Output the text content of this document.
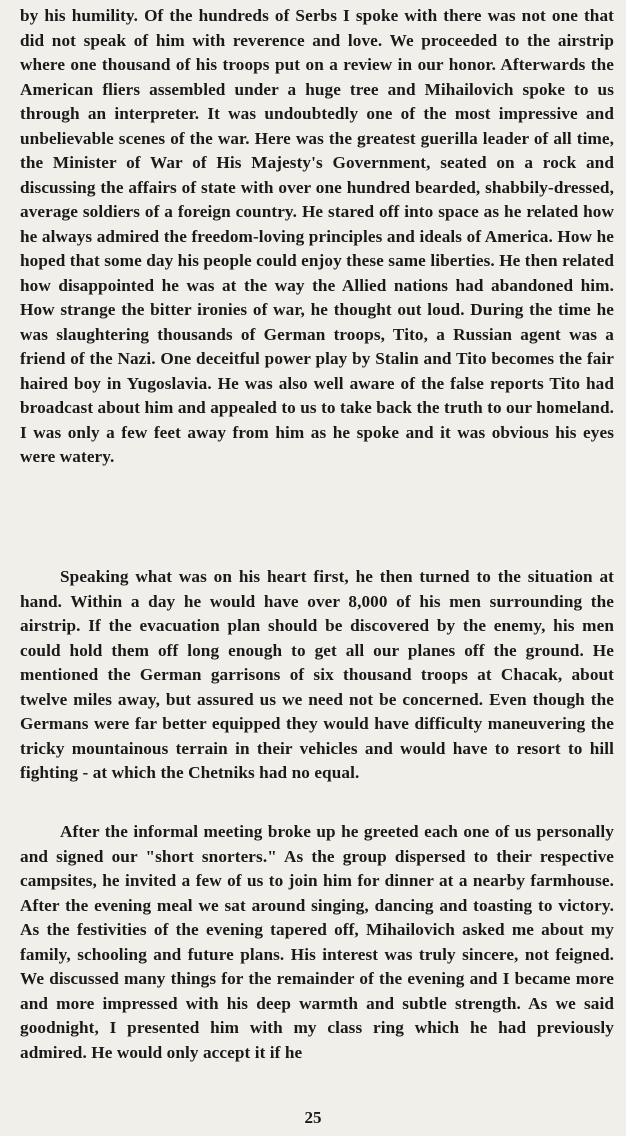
by his humility. Of the hundreds of Serbs I spoke with there was not one that did not speak of him with reverence and love. We proceeded to the airstrip where one thousand of his troops put on a review in our honor. Afterwards the American fliers assembled under a huge tree and Mihailovich spoke to us through an interpreter. It was undoubtedly one of the most impressive and unbelievable scenes of the war. Here was the greatest guerilla leader of all time, the Minister of War of His Majesty's Government, seated on a rock and discussing the affairs of state with over one hundred bearded, shabbily-dressed, average soldiers of a foreign country. He stared off into space as he related how he always admired the freedom-loving principles and ideals of America. How he hoped that some day his people could enjoy these same liberties. He then related how disappointed he was at the way the Allied nations had abandoned him. How strange the bitter ironies of war, he thought out loud. During the time he was slaughtering thousands of German troops, Tito, a Russian agent was a friend of the Nazi. One deceitful power play by Stalin and Tito becomes the fair haired boy in Yugoslavia. He was also well aware of the false reports Tito had broadcast about him and appealed to us to take back the truth to our homeland. I was only a few feet away from him as he spoke and it was obvious his eyes were watery.

Speaking what was on his heart first, he then turned to the situation at hand. Within a day he would have over 8,000 of his men surrounding the airstrip. If the evacuation plan should be discovered by the enemy, his men could hold them off long enough to get all our planes off the ground. He mentioned the German garrisons of six thousand troops at Chacak, about twelve miles away, but assured us we need not be concerned. Even though the Germans were far better equipped they would have difficulty maneuvering the tricky mountainous terrain in their vehicles and would have to resort to hill fighting - at which the Chetniks had no equal.

After the informal meeting broke up he greeted each one of us personally and signed our "short snorters." As the group dispersed to their respective campsites, he invited a few of us to join him for dinner at a nearby farmhouse. After the evening meal we sat around singing, dancing and toasting to victory. As the festivities of the evening tapered off, Mihailovich asked me about my family, schooling and future plans. His interest was truly sincere, not feigned. We discussed many things for the remainder of the evening and I became more and more impressed with his deep warmth and subtle strength. As we said goodnight, I presented him with my class ring which he had previously admired. He would only accept it if he

25
